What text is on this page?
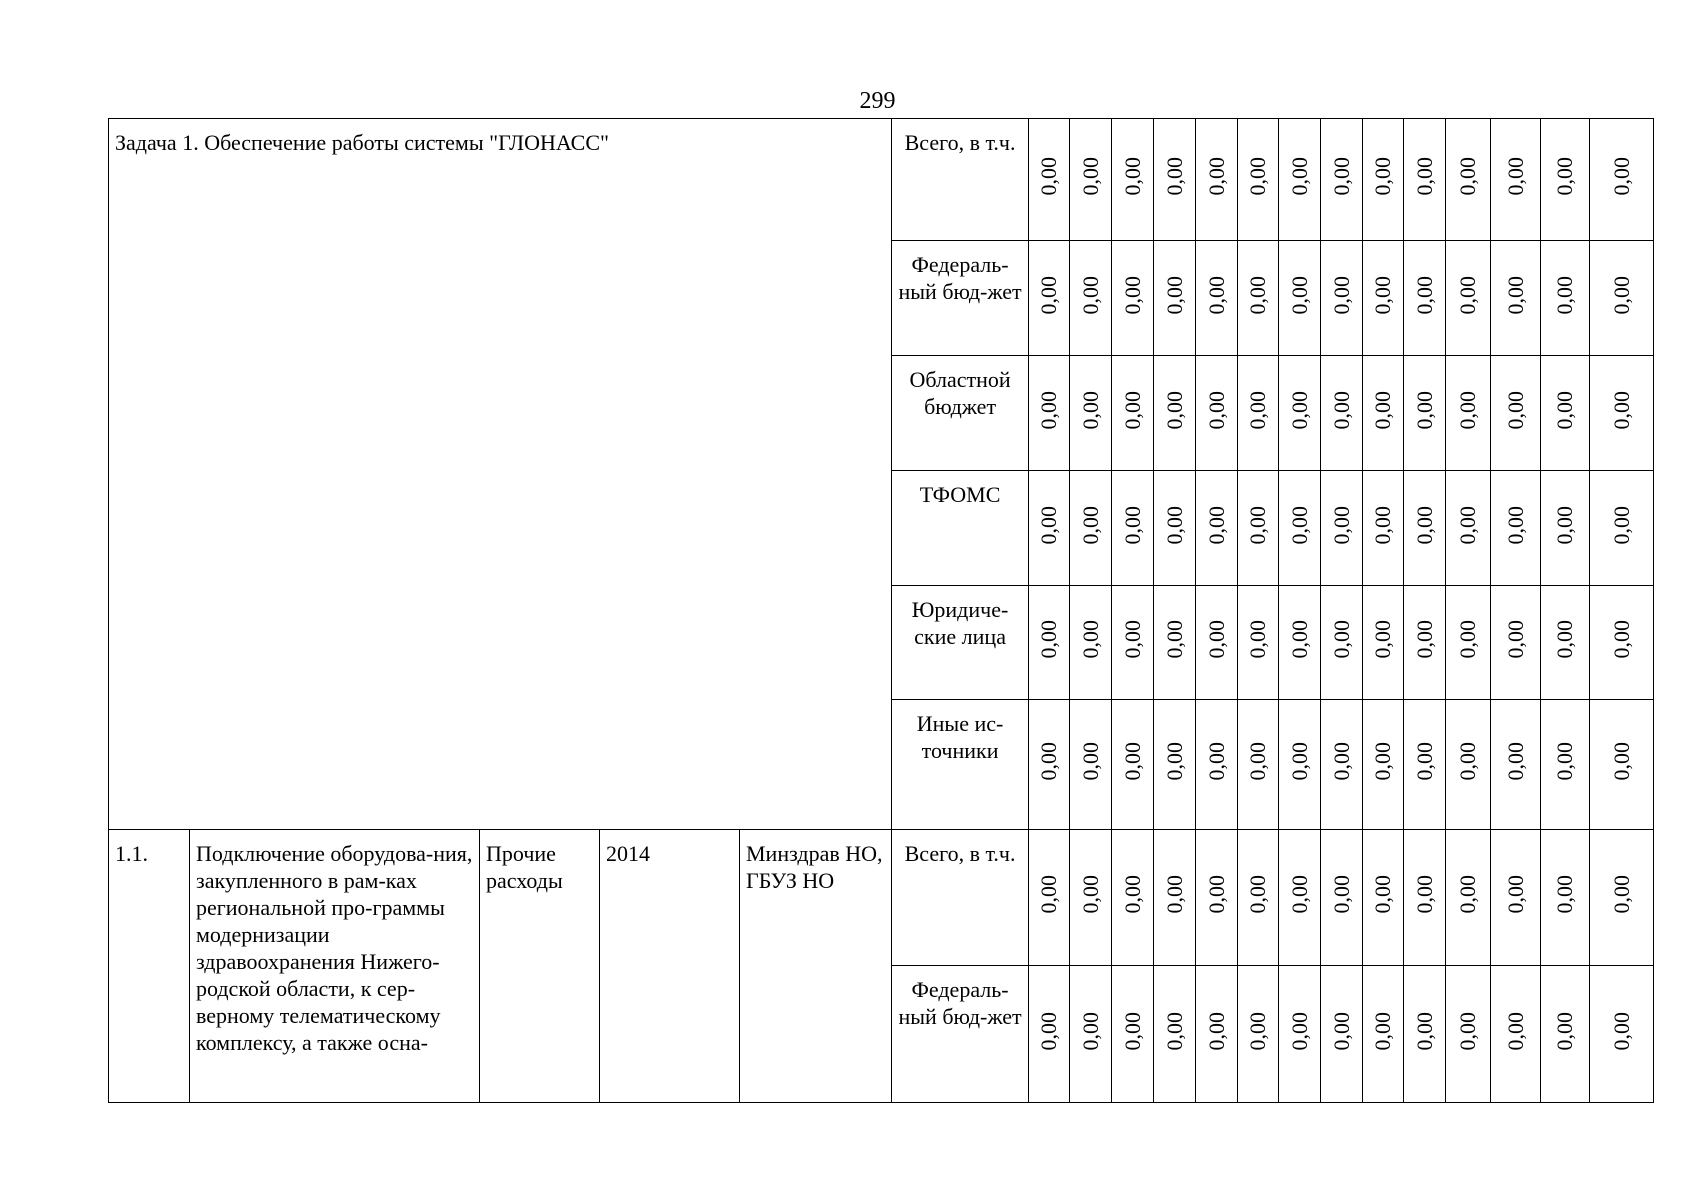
299
Задача 1. Обеспечение работы системы "ГЛОНАСС"					Всего, в т.ч.	0,00	0,00	0,00	0,00	0,00	0,00	0,00	0,00	0,00	0,00	0,00	0,00	0,00	0,00
					Федераль-ный бюд-жет	0,00	0,00	0,00	0,00	0,00	0,00	0,00	0,00	0,00	0,00	0,00	0,00	0,00	0,00
					Областной бюджет	0,00	0,00	0,00	0,00	0,00	0,00	0,00	0,00	0,00	0,00	0,00	0,00	0,00	0,00
					ТФОМС	0,00	0,00	0,00	0,00	0,00	0,00	0,00	0,00	0,00	0,00	0,00	0,00	0,00	0,00
					Юридиче-ские лица	0,00	0,00	0,00	0,00	0,00	0,00	0,00	0,00	0,00	0,00	0,00	0,00	0,00	0,00
					Иные ис-точники	0,00	0,00	0,00	0,00	0,00	0,00	0,00	0,00	0,00	0,00	0,00	0,00	0,00	0,00
1.1.	Подключение оборудова-ния, закупленного в рам-ках региональной про-граммы модернизации здравоохранения Нижего-родской области, к сер-верному телематическому комплексу, а также осна-	Прочие расходы	2014	Минздрав НО, ГБУЗ НО	Всего, в т.ч.	0,00	0,00	0,00	0,00	0,00	0,00	0,00	0,00	0,00	0,00	0,00	0,00	0,00	0,00
					Федераль-ный бюд-жет	0,00	0,00	0,00	0,00	0,00	0,00	0,00	0,00	0,00	0,00	0,00	0,00	0,00	0,00
